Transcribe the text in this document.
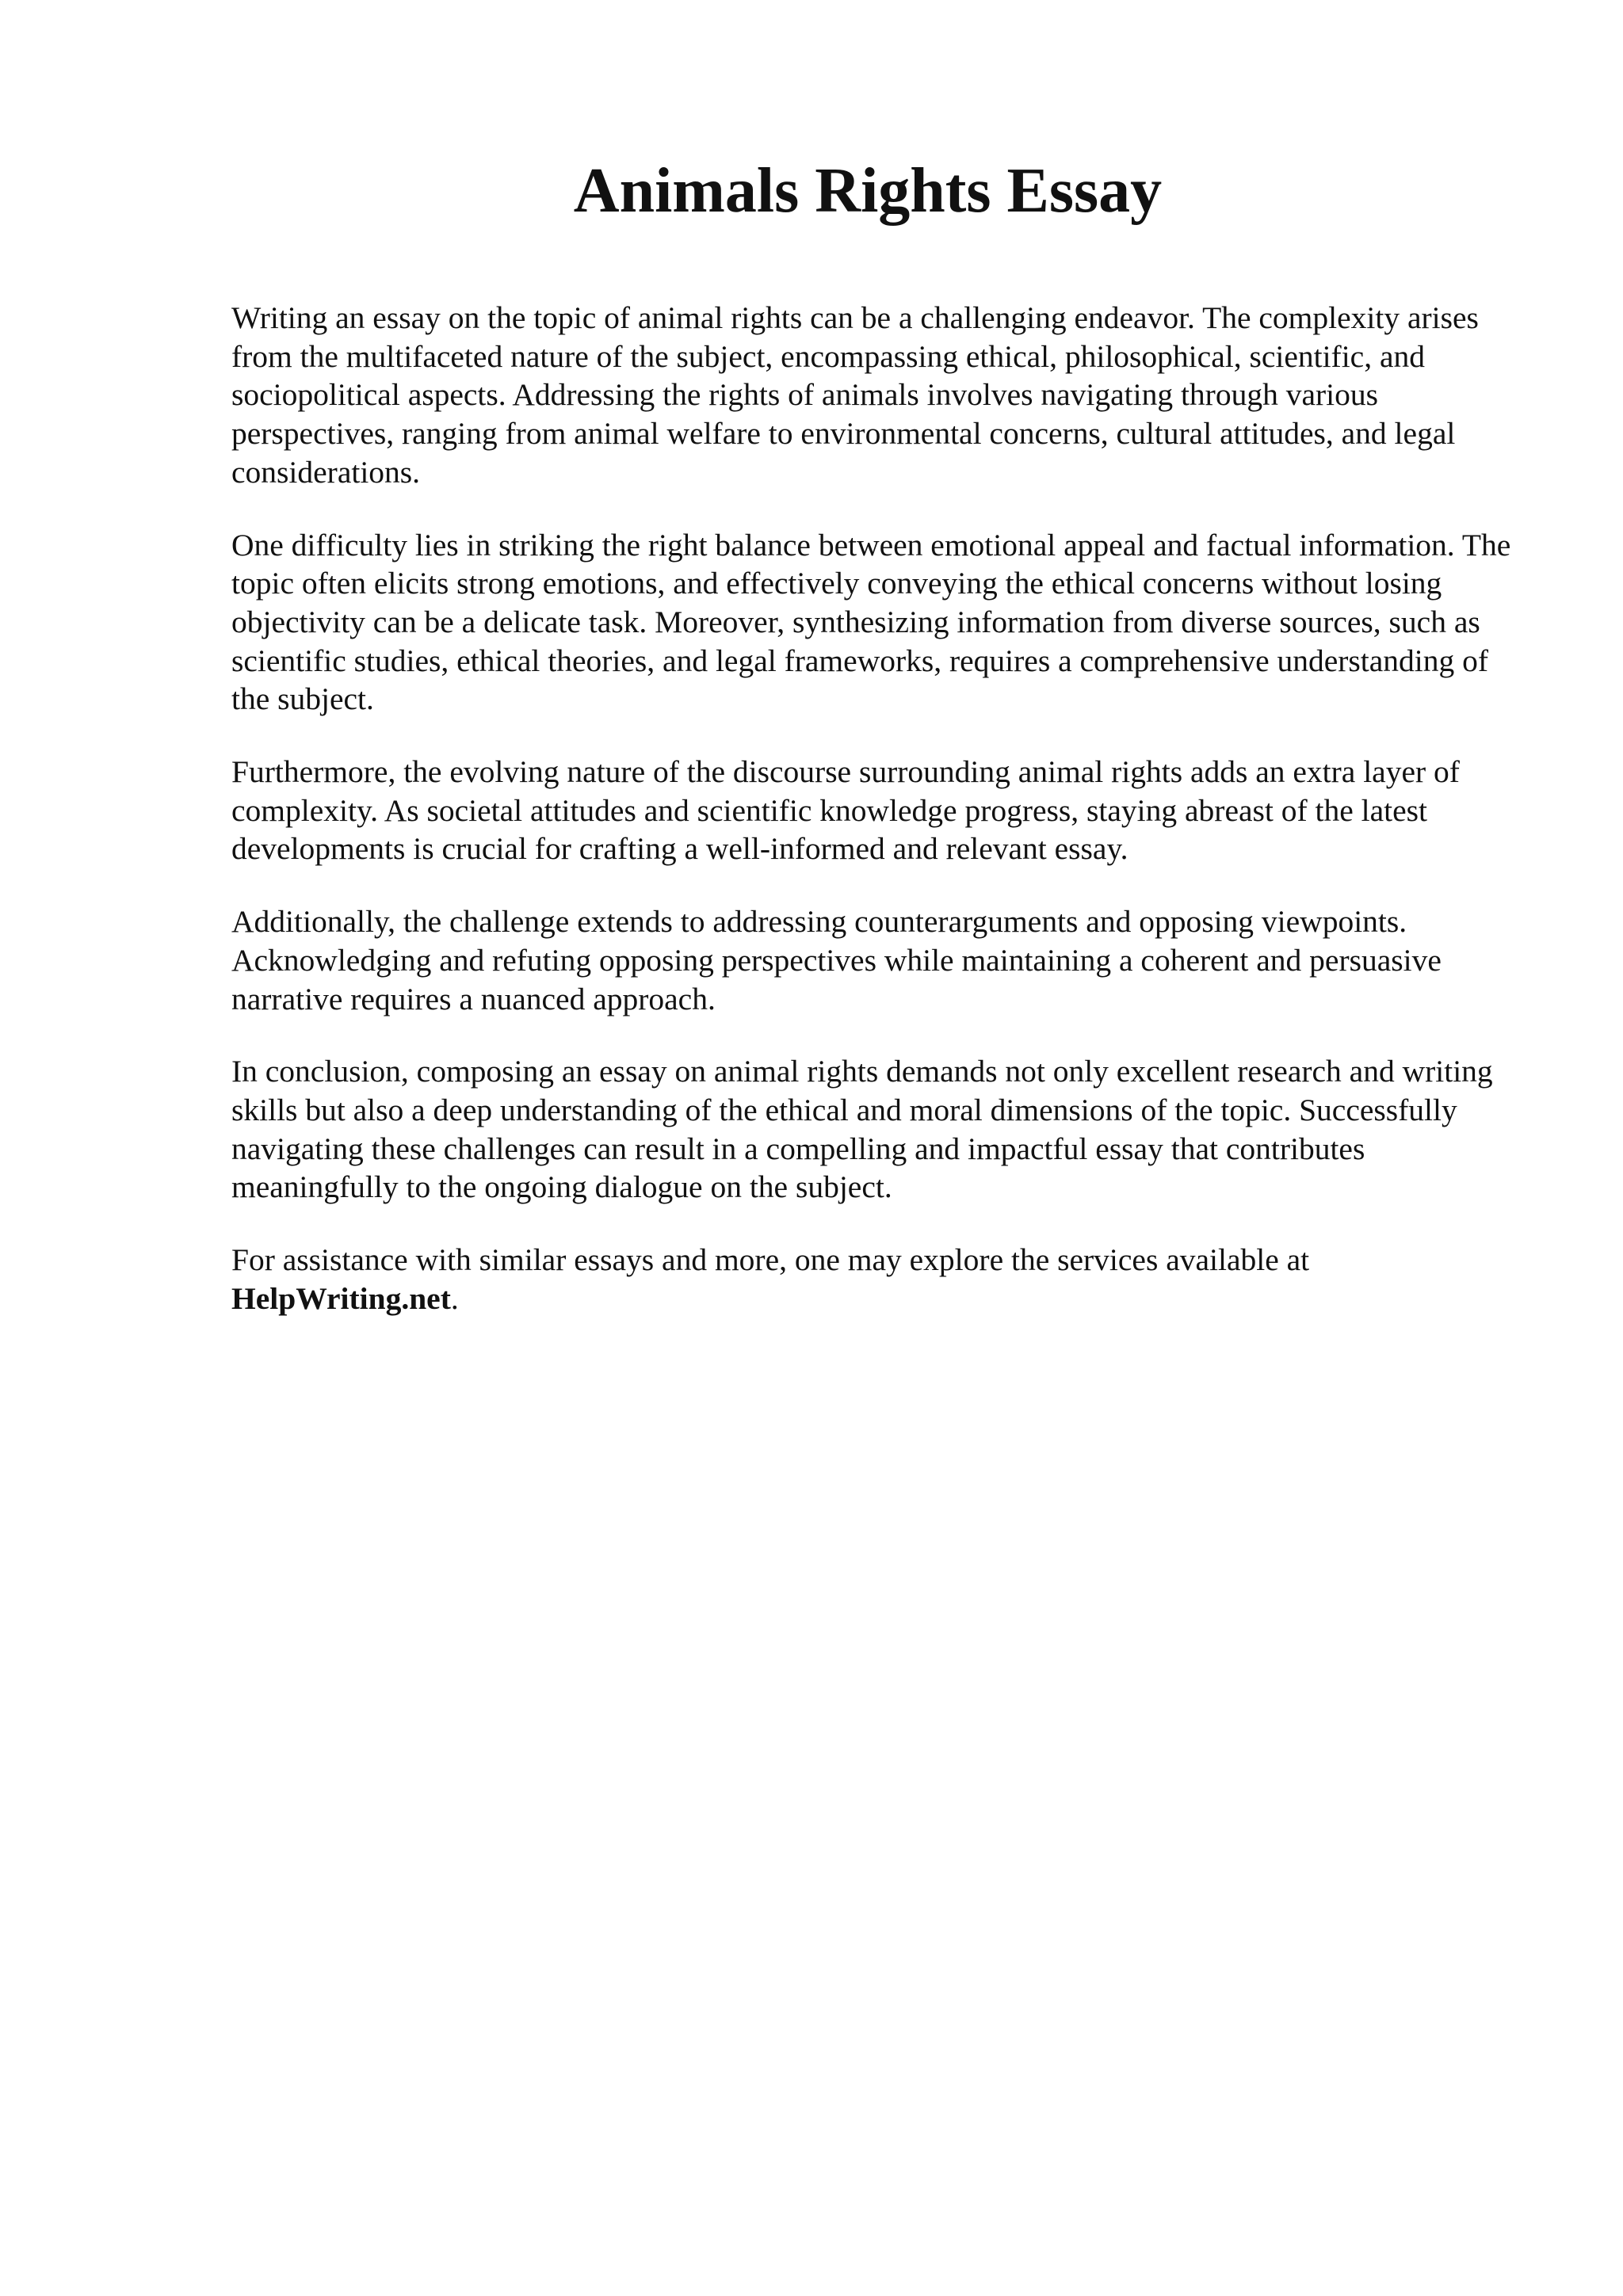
Animals Rights Essay

Writing an essay on the topic of animal rights can be a challenging endeavor. The complexity arises from the multifaceted nature of the subject, encompassing ethical, philosophical, scientific, and sociopolitical aspects. Addressing the rights of animals involves navigating through various perspectives, ranging from animal welfare to environmental concerns, cultural attitudes, and legal considerations.

One difficulty lies in striking the right balance between emotional appeal and factual information. The topic often elicits strong emotions, and effectively conveying the ethical concerns without losing objectivity can be a delicate task. Moreover, synthesizing information from diverse sources, such as scientific studies, ethical theories, and legal frameworks, requires a comprehensive understanding of the subject.

Furthermore, the evolving nature of the discourse surrounding animal rights adds an extra layer of complexity. As societal attitudes and scientific knowledge progress, staying abreast of the latest developments is crucial for crafting a well-informed and relevant essay.

Additionally, the challenge extends to addressing counterarguments and opposing viewpoints. Acknowledging and refuting opposing perspectives while maintaining a coherent and persuasive narrative requires a nuanced approach.

In conclusion, composing an essay on animal rights demands not only excellent research and writing skills but also a deep understanding of the ethical and moral dimensions of the topic. Successfully navigating these challenges can result in a compelling and impactful essay that contributes meaningfully to the ongoing dialogue on the subject.

For assistance with similar essays and more, one may explore the services available at HelpWriting.net.
